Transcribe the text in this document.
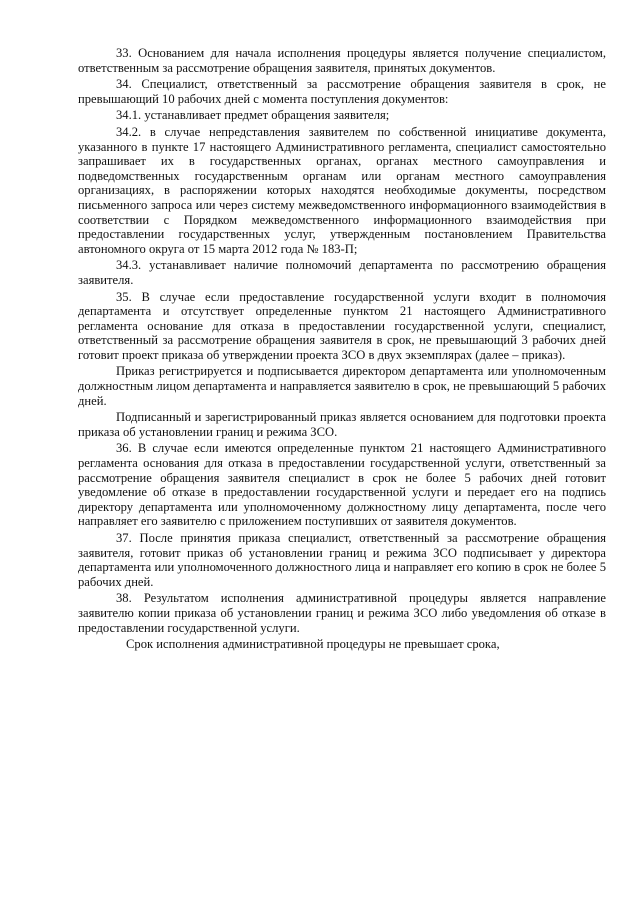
33. Основанием для начала исполнения процедуры является получение специалистом, ответственным за рассмотрение обращения заявителя, принятых документов.

34. Специалист, ответственный за рассмотрение обращения заявителя в срок, не превышающий 10 рабочих дней с момента поступления документов:

34.1. устанавливает предмет обращения заявителя;

34.2. в случае непредставления заявителем по собственной инициативе документа, указанного в пункте 17 настоящего Административного регламента, специалист самостоятельно запрашивает их в государственных органах, органах местного самоуправления и подведомственных государственным органам или органам местного самоуправления организациях, в распоряжении которых находятся необходимые документы, посредством письменного запроса или через систему межведомственного информационного взаимодействия в соответствии с Порядком межведомственного информационного взаимодействия при предоставлении государственных услуг, утвержденным постановлением Правительства автономного округа от 15 марта 2012 года № 183-П;

34.3. устанавливает наличие полномочий департамента по рассмотрению обращения заявителя.

35. В случае если предоставление государственной услуги входит в полномочия департамента и отсутствует определенные пунктом 21 настоящего Административного регламента основание для отказа в предоставлении государственной услуги, специалист, ответственный за рассмотрение обращения заявителя в срок, не превышающий 3 рабочих дней готовит проект приказа об утверждении проекта ЗСО в двух экземплярах (далее – приказ).

Приказ регистрируется и подписывается директором департамента или уполномоченным должностным лицом департамента и направляется заявителю в срок, не превышающий 5 рабочих дней.

Подписанный и зарегистрированный приказ является основанием для подготовки проекта приказа об установлении границ и режима ЗСО.

36. В случае если имеются определенные пунктом 21 настоящего Административного регламента основания для отказа в предоставлении государственной услуги, ответственный за рассмотрение обращения заявителя специалист в срок не более 5 рабочих дней готовит уведомление об отказе в предоставлении государственной услуги и передает его на подпись директору департамента или уполномоченному должностному лицу департамента, после чего направляет его заявителю с приложением поступивших от заявителя документов.

37. После принятия приказа специалист, ответственный за рассмотрение обращения заявителя, готовит приказ об установлении границ и режима ЗСО подписывает у директора департамента или уполномоченного должностного лица и направляет его копию в срок не более 5 рабочих дней.

38. Результатом исполнения административной процедуры является направление заявителю копии приказа об установлении границ и режима ЗСО либо уведомления об отказе в предоставлении государственной услуги.

Срок исполнения административной процедуры не превышает срока,
